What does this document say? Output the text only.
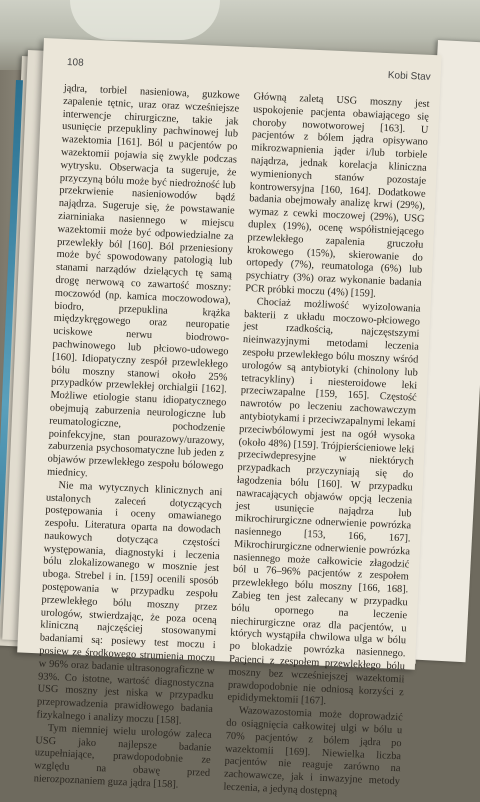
108
Kobi Stav

jądra, torbiel nasieniowa, guzkowe zapalenie tętnic, uraz oraz wcześniejsze interwencje chirurgiczne, takie jak usunięcie przepukliny pachwinowej lub wazektomia [161]. Ból u pacjentów po wazektomii pojawia się zwykle podczas wytrysku. Obserwacja ta sugeruje, że przyczyną bólu może być niedrożność lub przekrwienie nasieniowodów bądź najądrza. Sugeruje się, że powstawanie ziarniniaka nasiennego w miejscu wazektomii może być odpowiedzialne za przewlekły ból [160]. Ból przeniesiony może być spowodowany patologią lub stanami narządów dzielących tę samą drogę nerwową co zawartość moszny: moczowód (np. kamica moczowodowa), biodro, przepuklina krążka międzykręgowego oraz neuropatie uciskowe nerwu biodrowo-pachwinowego lub płciowo-udowego [160]. Idiopatyczny zespół przewlekłego bólu moszny stanowi około 25% przypadków przewlekłej orchialgii [162]. Możliwe etiologie stanu idiopatycznego obejmują zaburzenia neurologiczne lub reumatologiczne, pochodzenie poinfekcyjne, stan pourazowy/urazowy, zaburzenia psychosomatyczne lub jeden z objawów przewlekłego zespołu bólowego miednicy.

Nie ma wytycznych klinicznych ani ustalonych zaleceń dotyczących postępowania i oceny omawianego zespołu. Literatura oparta na dowodach naukowych dotycząca częstości występowania, diagnostyki i leczenia bólu zlokalizowanego w mosznie jest uboga. Strebel i in. [159] ocenili sposób postępowania w przypadku zespołu przewlekłego bólu moszny przez urologów, stwierdzając, że poza oceną kliniczną najczęściej stosowanymi badaniami są: posiewy test moczu i posiew ze środkowego strumienia moczu w 96% oraz badanie ultrasonograficzne w 93%. Co istotne, wartość diagnostyczna USG moszny jest niska w przypadku przeprowadzenia prawidłowego badania fizykalnego i analizy moczu [158].

Tym niemniej wielu urologów zaleca USG jako najlepsze badanie uzupełniające, prawdopodobnie ze względu na obawę przed nierozpoznaniem guza jądra [158].

Główną zaletą USG moszny jest uspokojenie pacjenta obawiającego się choroby nowotworowej [163]. U pacjentów z bólem jądra opisywano mikrozwapnienia jąder i/lub torbiele najądrza, jednak korelacja kliniczna wymienionych stanów pozostaje kontrowersyjna [160, 164]. Dodatkowe badania obejmowały analizę krwi (29%), wymaz z cewki moczowej (29%), USG duplex (19%), ocenę współistniejącego przewlekłego zapalenia gruczołu krokowego (15%), skierowanie do ortopedy (7%), reumatologa (6%) lub psychiatry (3%) oraz wykonanie badania PCR próbki moczu (4%) [159].

Chociaż możliwość wyizolowania bakterii z układu moczowo-płciowego jest rzadkością, najczęstszymi nieinwazyjnymi metodami leczenia zespołu przewlekłego bólu moszny wśród urologów są antybiotyki (chinolony lub tetracykliny) i niesteroidowe leki przeciwzapalne [159, 165]. Częstość nawrotów po leczeniu zachowawczym antybiotykami i przeciwzapalnymi lekami przeciwbólowymi jest na ogół wysoka (około 48%) [159]. Trójpierścieniowe leki przeciwdepresyjne w niektórych przypadkach przyczyniają się do łagodzenia bólu [160]. W przypadku nawracających objawów opcją leczenia jest usunięcie najądrza lub mikrochirurgiczne odnerwienie powrózka nasiennego [153, 166, 167]. Mikrochirurgiczne odnerwienie powrózka nasiennego może całkowicie złagodzić ból u 76–96% pacjentów z zespołem przewlekłego bólu moszny [166, 168]. Zabieg ten jest zalecany w przypadku bólu opornego na leczenie niechirurgiczne oraz dla pacjentów, u których wystąpiła chwilowa ulga w bólu po blokadzie powrózka nasiennego. Pacjenci z zespołem przewlekłego bólu moszny bez wcześniejszej wazektomii prawdopodobnie nie odniosą korzyści z epididymektomii [167].

Wazowazostomia może doprowadzić do osiągnięcia całkowitej ulgi w bólu u 70% pacjentów z bólem jądra po wazektomii [169]. Niewielka liczba pacjentów nie reaguje zarówno na zachowawcze, jak i inwazyjne metody leczenia, a jedyną dostępną
